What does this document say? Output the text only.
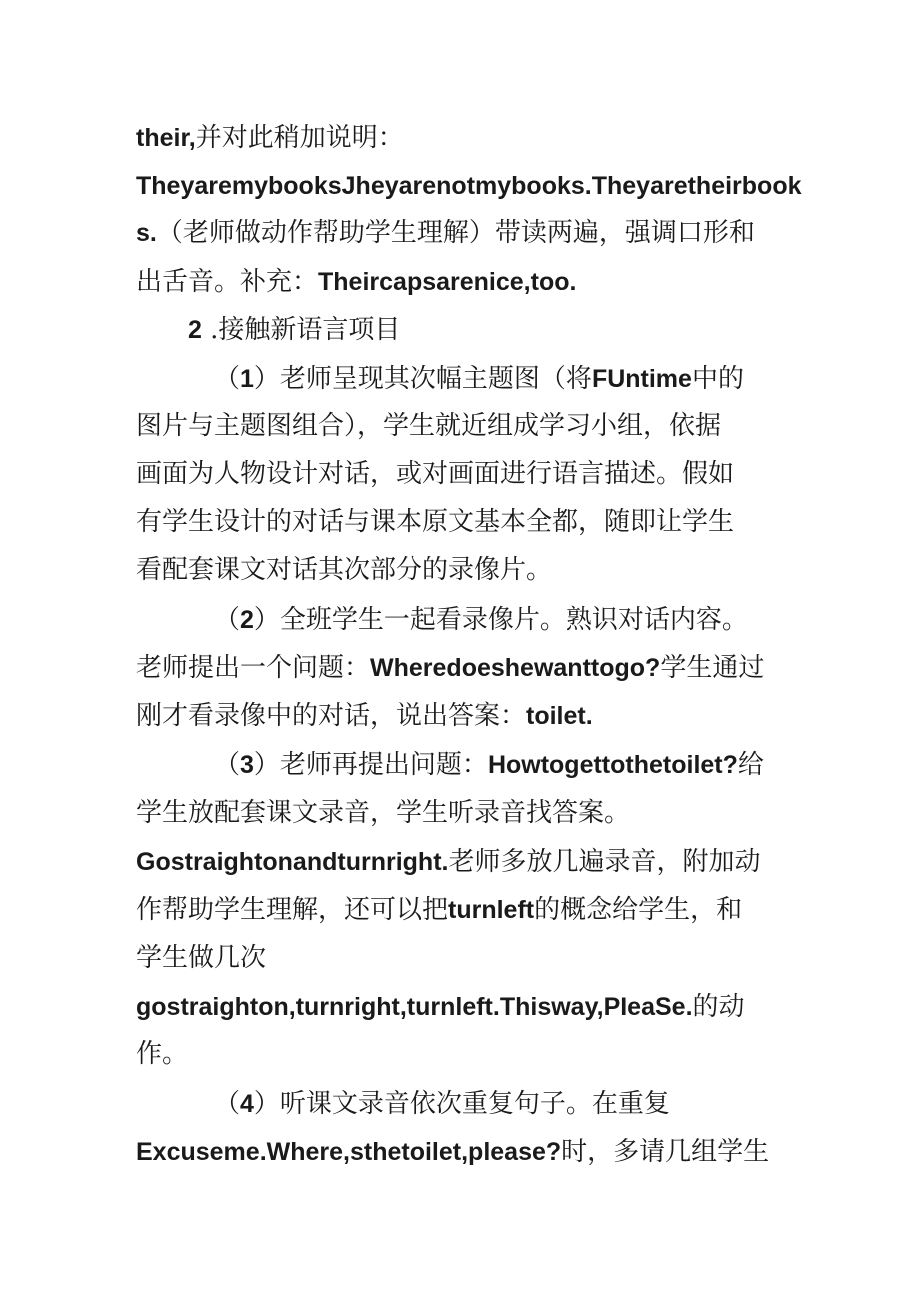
their,并对此稍加说明：
TheyaremybooksJheyarenotmybooks.Theyaretheirbook
s.（老师做动作帮助学生理解）带读两遍，强调口形和
出舌音。补充：Theircapsarenice,too.
2 .接触新语言项目
（1）老师呈现其次幅主题图（将FUntime中的
图片与主题图组合），学生就近组成学习小组，依据
画面为人物设计对话，或对画面进行语言描述。假如
有学生设计的对话与课本原文基本全都，随即让学生
看配套课文对话其次部分的录像片。
（2）全班学生一起看录像片。熟识对话内容。
老师提出一个问题：Wheredoeshewanttogo?学生通过
刚才看录像中的对话，说出答案：toilet.
（3）老师再提出问题：Howtogettothetoilet?给
学生放配套课文录音，学生听录音找答案。
Gostraightonandturnright.老师多放几遍录音，附加动
作帮助学生理解，还可以把turnleft的概念给学生，和
学生做几次
gostraighton,turnright,turnleft.Thisway,PIeaSe.的动
作。
（4）听课文录音依次重复句子。在重复
Excuseme.Where,sthetoilet,please?时，多请几组学生
